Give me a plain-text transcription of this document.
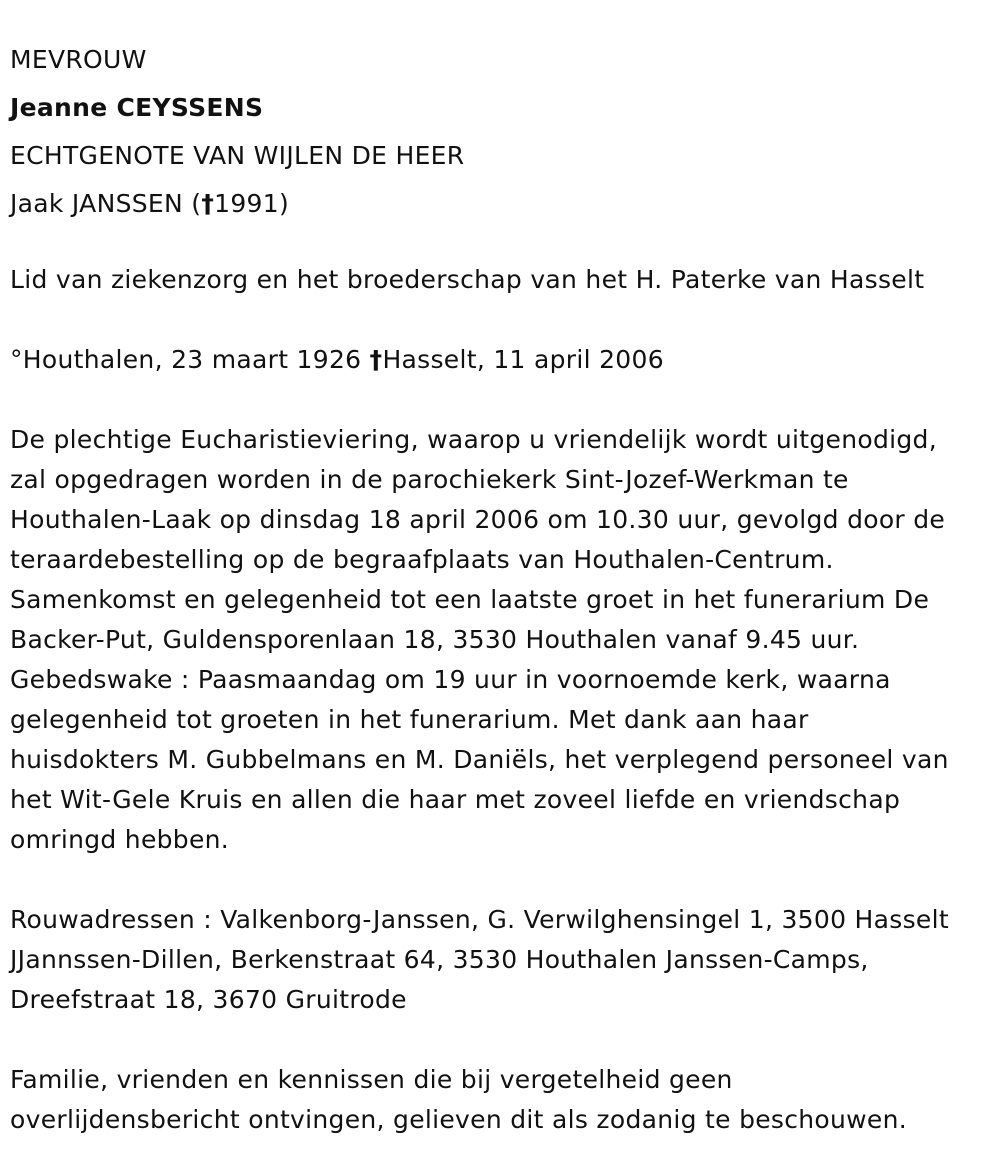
MEVROUW
Jeanne CEYSSENS
ECHTGENOTE VAN WIJLEN DE HEER
Jaak JANSSEN (†1991)

Lid van ziekenzorg en het broederschap van het H. Paterke van Hasselt

°Houthalen, 23 maart 1926 †Hasselt, 11 april 2006

De plechtige Eucharistieviering, waarop u vriendelijk wordt uitgenodigd,
zal opgedragen worden in de parochiekerk Sint-Jozef-Werkman te
Houthalen-Laak op dinsdag 18 april 2006 om 10.30 uur, gevolgd door de
teraardebestelling op de begraafplaats van Houthalen-Centrum.
Samenkomst en gelegenheid tot een laatste groet in het funerarium De
Backer-Put, Guldensporenlaan 18, 3530 Houthalen vanaf 9.45 uur.
Gebedswake : Paasmaandag om 19 uur in voornoemde kerk, waarna
gelegenheid tot groeten in het funerarium. Met dank aan haar
huisdokters M. Gubbelmans en M. Daniëls, het verplegend personeel van
het Wit-Gele Kruis en allen die haar met zoveel liefde en vriendschap
omringd hebben.

Rouwadressen : Valkenborg-Janssen, G. Verwilghensingel 1, 3500 Hasselt
JJannssen-Dillen, Berkenstraat 64, 3530 Houthalen Janssen-Camps,
Dreefstraat 18, 3670 Gruitrode

Familie, vrienden en kennissen die bij vergetelheid geen
overlijdensbericht ontvingen, gelieven dit als zodanig te beschouwen.
